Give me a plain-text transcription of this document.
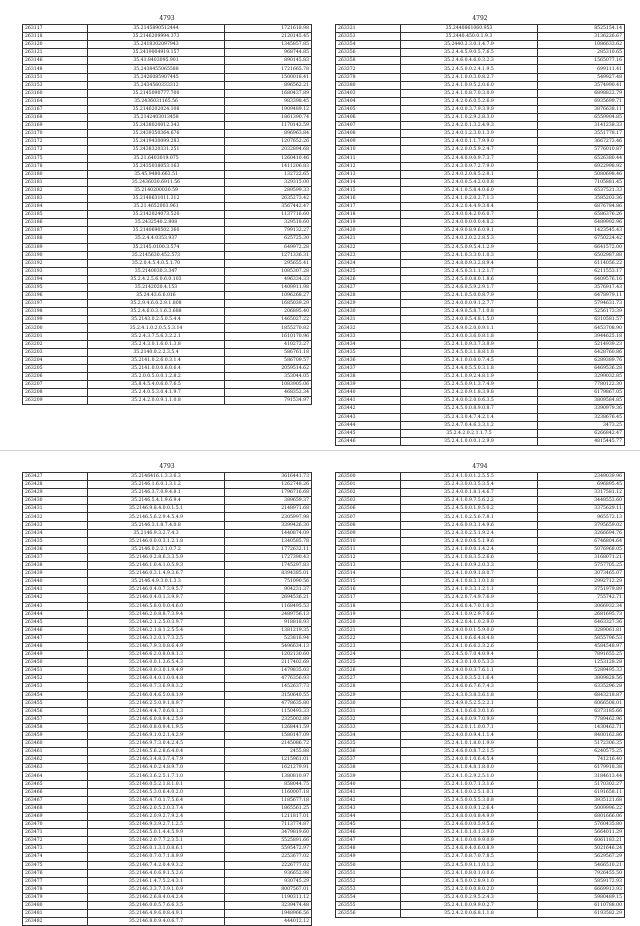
4793
263117	35.2145890512444	1721618.98
263118	35.2146209994.373	2120145.45
263120	35.2418302097943	1345857.85
263121	35.2419004919.157	968744.85
263146	35.41.8403095.901	890145.83
263148	35.2438455065588	1721665.78
263151	35.2426085907445	1500018.41
263153	35.2434560333312	896562.21
263160	35.2145090777.700	1680437.89
263164	35.2436031165.56	983398.45
263167	35.2146202024.108	1909489.12
263168	35.2142403013458	1861390.74
263169	35.2438020012.343	1170142.59
263170	35.2439350364.676	896963.84
263172	35.2419430099.283	1207652.26
263173	35.2438320331.251	2032894.68
263175	35.21.6403019.075	1260410.46
263178	35.2435038053.163	1411206.83
263180	35.45.9480.663.51	132722.65
263181	35.2436030.6911.56	329315.00
263182	35.2140200030.59	289599.33
263183	35.2148631011.312	2635273.42
263184	35.21.4652003.961	3567442.47
263185	35.2142024073.520	1137716.60
263186	35.2432540.2.808	329518.60
263187	35.2140690502.360	799132.27
263188	35.2.4.4.0353.937	625725.30
263189	35.2145.0100.3.574	649972.28
263190	35.2145630.452.573	1271336.31
263192	35.2.0.4.5.4.0.5.1.70	295655.41
263193	35.2140030.3.347	1085307.28
263194	35.2.4.2.5.6.0.6.0.103	496334.33
263195	35.2142020.4.153	1409911.98
263196	35.24.43.6.6.016	1096268.27
263197	35.2.9.4.6.0.2.9.1.808	1685039.29
263198	35.2.4.6.0.3.1.6.3.688	206895.40
263199	35.2143.0.2.5.0.5.4.4	1465027.22
263200	35.2.4.1.0.2.0.5.5.3.14	1855270.82
263201	35.2.4.3.7.5.6.3.2.2.1	1610170.96
263202	35.2.4.3.0.1.6.0.1.3.8	410273.27
263203	35.2140.0.2.2.3.5.4	586761.18
263204	35.2141.0.2.6.0.3.1.4	586709.57
263205	35.2141.0.0.0.6.0.6.4	2059514.62
263206	35.2.0.0.5.0.0.1.2.8.2	353044.05
263207	35.8.4.5.4.0.6.0.7.6.5	1083905.06
263208	35.2.4.0.5.3.0.4.1.9.7	468352.34
263209	35.2.4.2.0.0.9.1.1.0.8	791534.97
4792
263321	35.2440861060.953	8525154.14
263353	35.2440.450.0.1.9.3	3136226.67
263354	35.2440.2.3.0.1.4.7.9	1086633.62
263356	35.2.4.4.5.9.0.5.7.6.5	285310.65
263358	35.2.4.6.0.4.6.0.3.2.3	1565077.16
263372	35.2.4.5.0.0.2.4.1.9.5	699111.41
263378	35.2.4.1.0.0.3.0.8.2.7	549927.48
263380	35.2.4.1.0.9.5.2.0.6.0	3574990.41
263403	35.2.4.1.0.8.7.0.3.0.9	6898822.79
263404	35.2.4.2.0.6.0.5.2.6.9	6935699.71
263405	35.2.4.0.0.3.7.9.3.9.9	3876638.11
263406	35.2.4.1.0.2.9.2.8.3.0	6559904.85
263407	35.2.4.2.0.1.3.2.4.9.3	3141238.33
263408	35.2.4.0.1.2.3.0.1.3.9	3551778.17
263409	35.2.4.0.0.1.1.7.9.9.0	3667273.46
263410	35.2.4.2.0.0.5.9.2.4.7	5776010.87
263411	35.2.4.4.0.9.0.9.7.3.7	6526380.44
263412	35.2.4.3.0.9.7.2.7.9.0	6922998.92
263413	35.2.4.0.2.0.8.5.2.8.1	5080698.46
263414	35.2.4.0.0.5.4.2.0.0.8	7105881.45
263415	35.2.4.1.0.5.8.4.0.6.0	6537521.33
263416	35.2.4.1.0.2.0.2.7.1.3	3585203.36
263417	35.2.4.2.0.4.4.9.3.8.4	6876784.86
263418	35.2.4.0.0.4.2.0.6.0.7	6586376.26
263419	35.2.4.0.0.0.0.0.4.8.2	6489992.96
263420	35.2.4.9.0.8.9.6.0.9.1	1423545.43
263421	35.2.4.0.2.0.2.2.8.5.3	6750224.42
263422	35.2.4.5.0.9.5.4.1.2.9	6641572.00
263423	35.2.4.1.0.3.3.0.1.0.3	6502987.88
263424	35.2.4.8.0.9.3.2.8.9.4	6114056.22
263425	35.2.4.5.0.3.1.1.2.1.7	6211553.17
263426	35.2.4.5.0.0.8.0.1.8.6	6409576.16
263427	35.2.4.6.0.5.9.2.9.1.7	3576917.43
263428	35.2.4.1.0.5.0.0.8.7.9	6478979.11
263429	35.2.4.0.0.0.9.1.2.7.7	5794631.73
263430	35.2.4.9.0.5.8.7.1.0.8	5256173.39
263431	35.2.4.0.0.5.4.8.1.5.0	6310581.57
263432	35.2.4.9.0.2.0.0.9.1.1	6453708.90
263433	35.2.4.0.0.3.6.0.8.1.8	3944625.18
263434	35.2.4.1.0.9.3.7.3.8.9	5214939.23
263435	35.2.4.5.0.3.1.8.8.1.8	6428760.86
263436	35.2.4.1.0.0.0.0.7.4.5	6289389.76
263437	35.2.4.4.0.5.5.0.3.1.8	6469536.28
263438	35.2.4.1.0.9.2.4.8.1.9	3299032.85
263439	35.2.4.5.0.9.1.3.7.4.9	7780122.30
263440	35.2.4.2.0.9.1.8.3.9.8	6179867.05
263441	35.2.4.0.0.2.0.0.6.3.5	3809584.85
263442	35.2.4.5.0.0.8.9.0.8.7	3390979.36
263443	35.2.4.3.0.4.7.4.2.1.4	3238676.45
263444	35.2.4.7.0.4.6.3.3.1.2	3473.25
263445	35.2.4.2.0.2.1.1.7.5	6266842.47
263446	35.2.4.1.0.0.0.1.2.9.9	4815445.77
4793
263427	35.2146416.1.3.3.6.3	3616441.73
263428	35.2146.1.6.0.1.3.1.2	1262748.26
263429	35.2146.3.7.0.9.4.8.1	1796716.68
263430	35.2146.5.4.1.9.6.9.4	389659.37
263431	35.2146.9.8.4.0.0.1.5.1	2148971.68
263432	35.2146.5.6.2.9.4.5.4.9	2305997.98
263433	35.2146.3.1.8.7.4.0.8	3399426.30
263434	35.2146.9.3.2.7.4.3	1440874.09
263435	35.2146.0.0.0.3.1.2.1.8	1340585.78
263436	35.2146.0.2.2.1.0.7.2	1772632.11
263437	35.2146.0.2.8.6.3.3.5.9	1727390.43
263438	35.2146.1.0.4.1.0.5.9.3	1745297.83
263439	35.2146.0.3.1.4.9.3.6.7	8394385.01
263440	35.2146.4.9.3.0.1.3.3	751090.56
263441	35.2146.0.4.0.7.3.9.5.7	904231.37
263442	35.2146.0.4.0.1.3.9.9.7	2694536.21
263443	35.2146.5.8.0.0.0.4.6.0	1168495.53
263444	35.2146.2.0.8.8.7.3.9.4	2489756.13
263445	35.2146.2.1.2.5.0.3.9.7	918818.93
263446	35.2146.2.1.8.1.2.5.5.4	1381219.35
263447	35.2146.3.2.0.1.7.3.2.5	523816.94
263448	35.2146.7.9.3.0.8.6.4.9	5496634.13
263449	35.2146.6.2.0.8.0.8.1.3	1202130.60
263450	35.2146.0.0.1.3.6.5.4.3	2117402.68
263451	35.2146.0.0.3.0.1.9.4.9	1479835.03
263452	35.2146.0.4.0.1.0.0.4.8	4776356.93
263453	35.2146.0.7.3.6.9.8.3.2	1452637.73
263454	35.2146.0.4.6.5.0.8.1.9	3150640.55
263455	35.2146.2.5.0.9.1.8.9.7	4778635.80
263456	35.2146.4.4.7.0.6.0.1.3	1150493.33
263457	35.2146.6.0.8.9.4.2.5.9	2325002.89
263458	35.2146.0.8.0.9.4.1.9.5	1268441.59
263459	35.2146.9.1.0.2.1.4.2.9	1580147.09
263460	35.2146.9.7.3.0.4.2.4.5	2145086.72
263461	35.2146.5.6.2.8.6.4.0.4	2455.88
263462	35.2146.3.4.8.3.7.4.7.9	1215961.01
263463	35.2146.4.0.2.4.8.9.7.0	1621279.91
263464	35.2146.3.6.2.5.1.7.1.0	1380810.97
263465	35.2146.0.5.2.1.8.1.0.1	858044.75
263466	35.2146.5.3.0.6.4.0.2.0	1160007.18
263467	35.2146.4.7.0.1.7.5.6.4	1185677.18
263468	35.2146.2.0.5.2.0.3.7.4	1865561.25
263469	35.2146.2.0.9.2.7.9.2.4	1211817.01
263470	35.2146.9.3.9.2.7.1.2.5	7113774.87
263471	35.2146.5.0.1.4.4.5.9.9	3479819.60
263472	35.2146.2.0.7.7.2.3.5.1	5525891.66
263473	35.2146.0.1.3.1.0.8.6.1	5595472.97
263474	35.2146.0.7.0.7.1.8.9.9	2253677.02
263475	35.2146.7.4.2.0.4.9.3.2	2226777.02
263476	35.2146.4.0.6.9.1.5.2.6	936652.98
263477	35.2146.1.4.7.5.2.4.3.1	930745.29
263478	35.2146.3.3.7.3.9.1.0.9	8007567.01
263479	35.2146.2.6.8.4.0.4.2.4	1190311.12
263480	35.2146.0.0.5.7.6.6.3.5	3239474.48
263481	35.2146.4.9.6.0.8.4.9.1	1948966.56
263482	35.2146.8.0.9.4.0.6.7.7	444012.12
4794
263500	35.2.4.1.0.0.1.2.5.5.5	2349039.96
263501	35.2.4.3.0.0.3.5.3.5.4	696895.45
263502	35.2.4.0.0.1.8.1.4.6.7	3317581.12
263503	35.2.4.1.0.9.7.5.6.2.2	3448553.60
263506	35.2.4.5.0.0.1.9.5.0.2	3375629.11
263507	35.2.4.1.0.2.5.6.7.8.1	965573.13
263508	35.2.4.6.0.9.3.1.4.9.6	3795659.02
263509	35.2.4.3.0.2.5.1.9.2.4	3266694.76
263510	35.2.4.2.0.0.6.5.1.9.6	6746804.64
263511	35.2.4.1.0.0.0.1.4.2.4	5076968.05
263512	35.2.4.1.0.8.3.5.2.6.6	3168071.21
263513	35.2.4.1.0.0.9.2.0.3.3	5757705.25
263514	35.2.4.1.0.0.9.1.8.0.7	3073465.07
263515	35.2.4.1.0.8.3.1.0.1.8	2992712.29
263516	35.2.4.1.0.3.3.1.2.1.1	3751979.89
263517	35.2.4.2.0.7.4.9.7.6.9	755742.71
263518	35.2.4.6.0.4.7.0.1.0.3	3066932.34
263519	35.2.4.1.0.9.2.9.7.6.6	2681695.73
263520	35.2.4.2.0.4.1.0.2.9.0	6463327.36
263521	35.2.4.0.0.0.1.5.9.0.0	3289061.81
263522	35.2.4.1.0.6.6.4.8.4.8	5855796.53
263523	35.2.4.1.0.6.6.2.3.2.6	4584548.97
263524	35.2.4.5.0.7.0.4.0.9.4	7891655.25
263525	35.2.4.3.0.1.0.0.5.3.3	1253128.28
263526	35.2.4.0.0.0.3.7.6.1.1	5289495.33
263527	35.2.4.3.0.3.5.2.1.6.4	3809828.56
263528	35.2.4.6.0.6.7.6.7.4.3	6335296.28
263529	35.2.4.3.0.3.8.3.6.1.8	6843218.87
263530	35.2.4.9.0.5.2.5.2.2.1	6066508.01
263531	35.2.4.1.0.6.6.3.0.1.6	6373185.66
263532	35.2.4.4.0.0.9.7.0.9.9	7789462.96
263533	35.2.4.2.0.1.1.0.0.7.1	1430462.71
263534	35.2.4.0.0.0.9.4.1.1.4	8400162.86
263535	35.2.4.1.0.1.8.0.1.9.9	5172306.35
263536	35.2.4.6.0.0.8.7.2.1.5	6240575.25
263537	35.2.4.0.0.1.0.6.4.5.4	741216.40
263538	35.2.4.1.0.4.8.1.8.0.0	6179918.38
263539	35.2.4.1.0.2.9.2.5.1.0	3184613.44
263540	35.2.4.1.0.0.7.1.3.1.6	5170302.27
263541	35.2.4.1.0.0.2.5.1.0.1	6191658.11
263542	35.2.4.5.0.0.5.5.3.0.8	3935121.68
263543	35.2.4.0.0.0.9.1.2.6.4	5009996.22
263544	35.2.4.8.0.0.0.8.4.9.9	6801666.06
263545	35.2.4.6.0.0.0.5.9.5.6	5760435.80
263546	35.2.4.1.0.1.0.1.3.9.0	5664011.29
263547	35.2.4.1.0.0.0.9.9.0.9	6061183.21
263548	35.2.4.6.0.4.0.6.0.8.9	5021646.24
263549	35.2.4.7.0.8.7.0.7.8.5	5629567.29
263550	35.2.4.5.0.9.1.1.0.1.3	5466510.21
263551	35.2.4.1.0.8.0.1.0.0.6	7926455.50
263552	35.2.4.5.0.0.2.8.9.1.0	5859172.93
263553	35.2.4.2.0.0.0.8.0.2.0	6669913.93
263554	35.2.4.0.0.2.9.5.2.4.3	5980489.15
263555	35.2.4.1.0.0.9.9.0.2.7	6110788.00
263556	35.2.4.2.0.0.6.8.1.1.8	6193582.29
